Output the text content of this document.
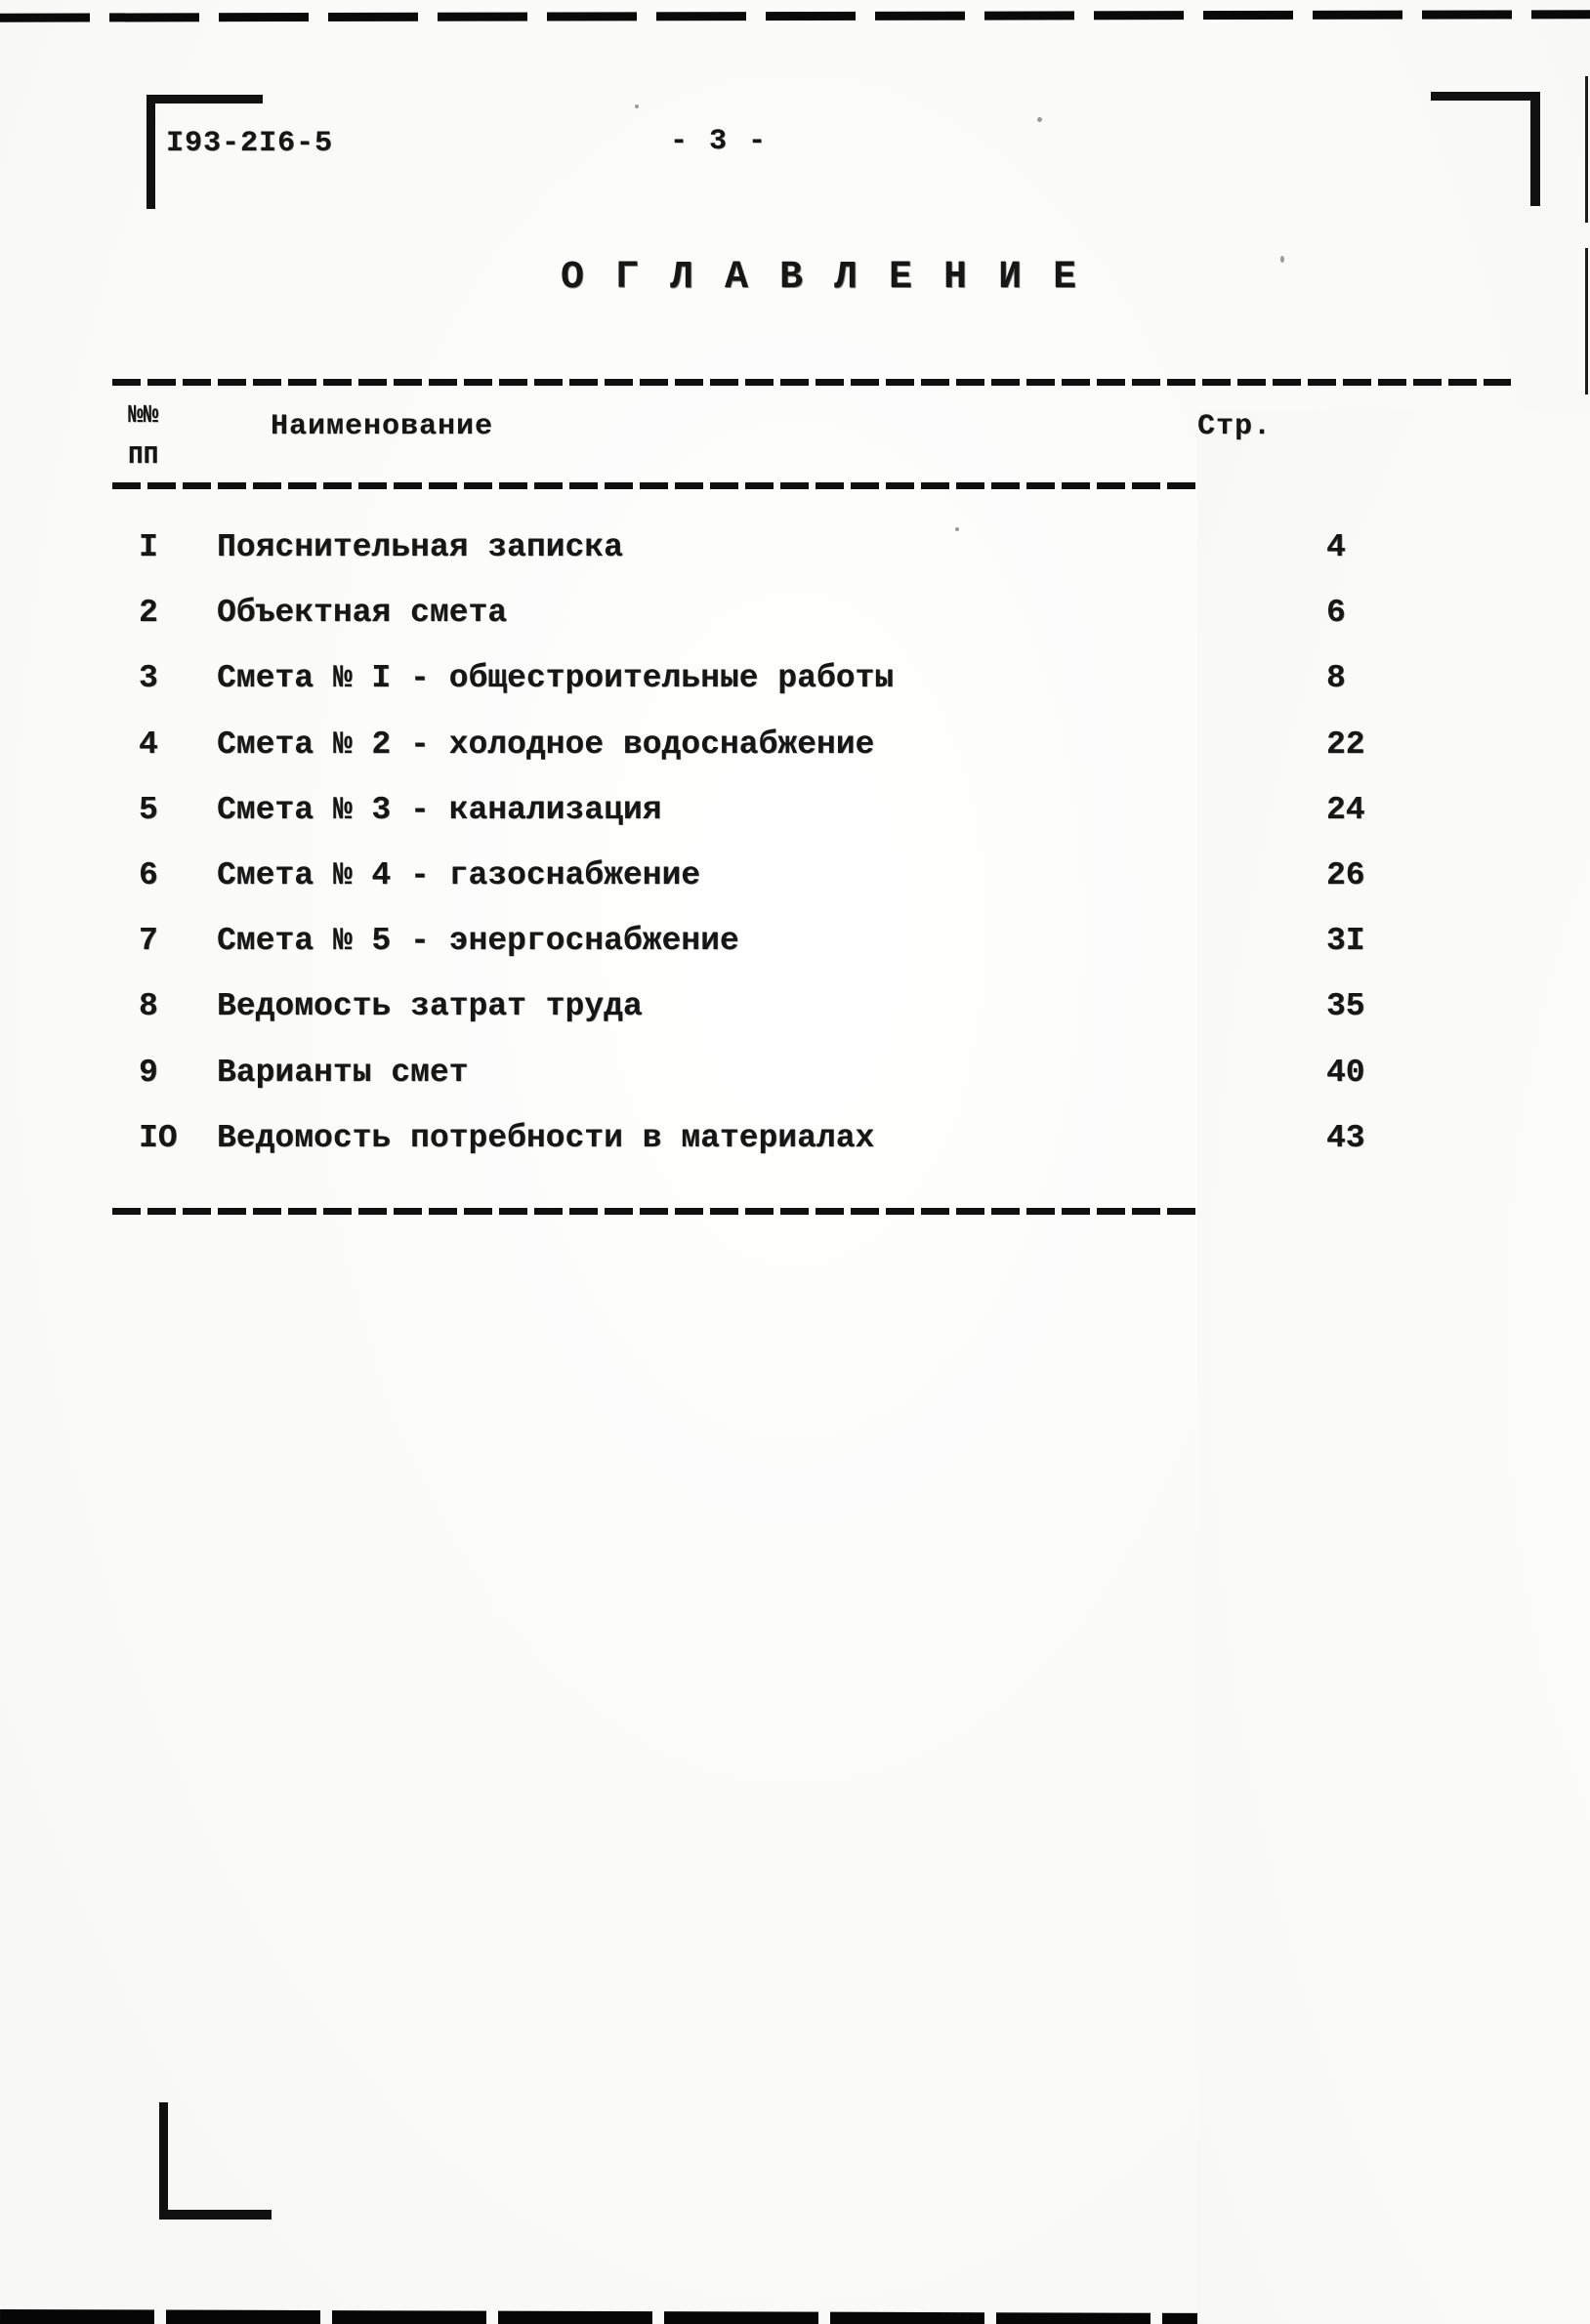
I93-2I6-5	- 3 -
О Г Л А В Л Е Н И Е
№№
ПП
Наименование	Стр.
I Пояснительная записка	4
2 Объектная смета	6
3 Смета № I - общестроительные работы	8
4 Смета № 2 - холодное водоснабжение	22
5 Смета № 3 - канализация	24
6 Смета № 4 - газоснабжение	26
7 Смета № 5 - энергоснабжение	3I
8 Ведомость затрат труда	35
9 Варианты смет	40
IO Ведомость потребности в материалах	43
